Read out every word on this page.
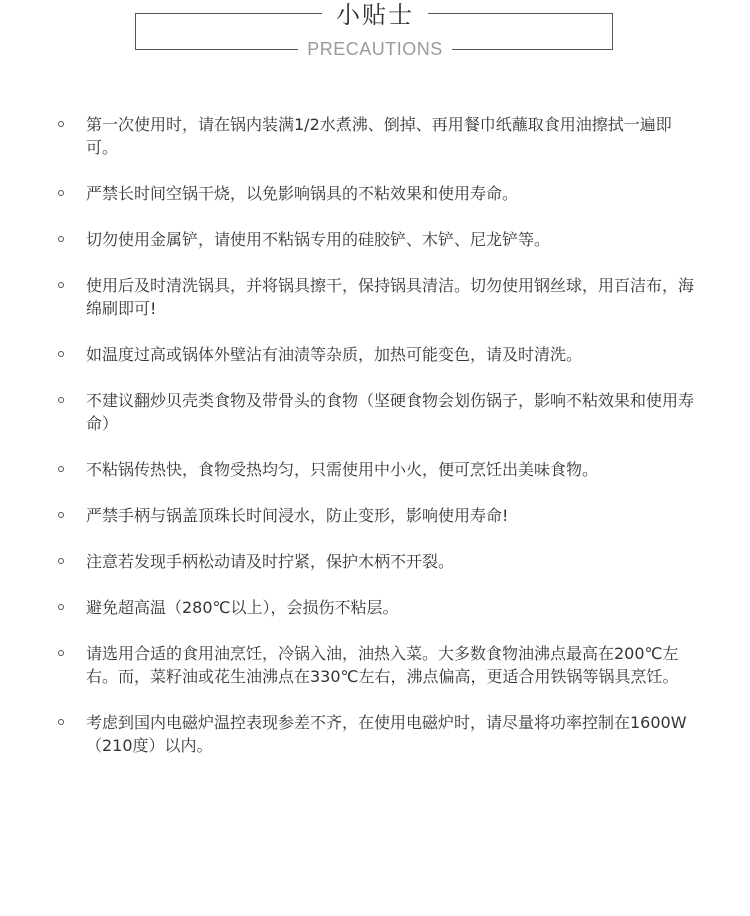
小贴士
PRECAUTIONS
第一次使用时，请在锅内装满1/2水煮沸、倒掉、再用餐巾纸蘸取食用油擦拭一遍即可。
严禁长时间空锅干烧，以免影响锅具的不粘效果和使用寿命。
切勿使用金属铲，请使用不粘锅专用的硅胶铲、木铲、尼龙铲等。
使用后及时清洗锅具，并将锅具擦干，保持锅具清洁。切勿使用钢丝球，用百洁布，海绵刷即可!
如温度过高或锅体外壁沾有油渍等杂质，加热可能变色，请及时清洗。
不建议翻炒贝壳类食物及带骨头的食物（坚硬食物会划伤锅子，影响不粘效果和使用寿命）
不粘锅传热快，食物受热均匀，只需使用中小火，便可烹饪出美味食物。
严禁手柄与锅盖顶珠长时间浸水，防止变形，影响使用寿命!
注意若发现手柄松动请及时拧紧，保护木柄不开裂。
避免超高温（280℃以上），会损伤不粘层。
请选用合适的食用油烹饪，冷锅入油，油热入菜。大多数食物油沸点最高在200℃左右。而，菜籽油或花生油沸点在330℃左右，沸点偏高，更适合用铁锅等锅具烹饪。
考虑到国内电磁炉温控表现参差不齐，在使用电磁炉时，请尽量将功率控制在1600W（210度）以内。
